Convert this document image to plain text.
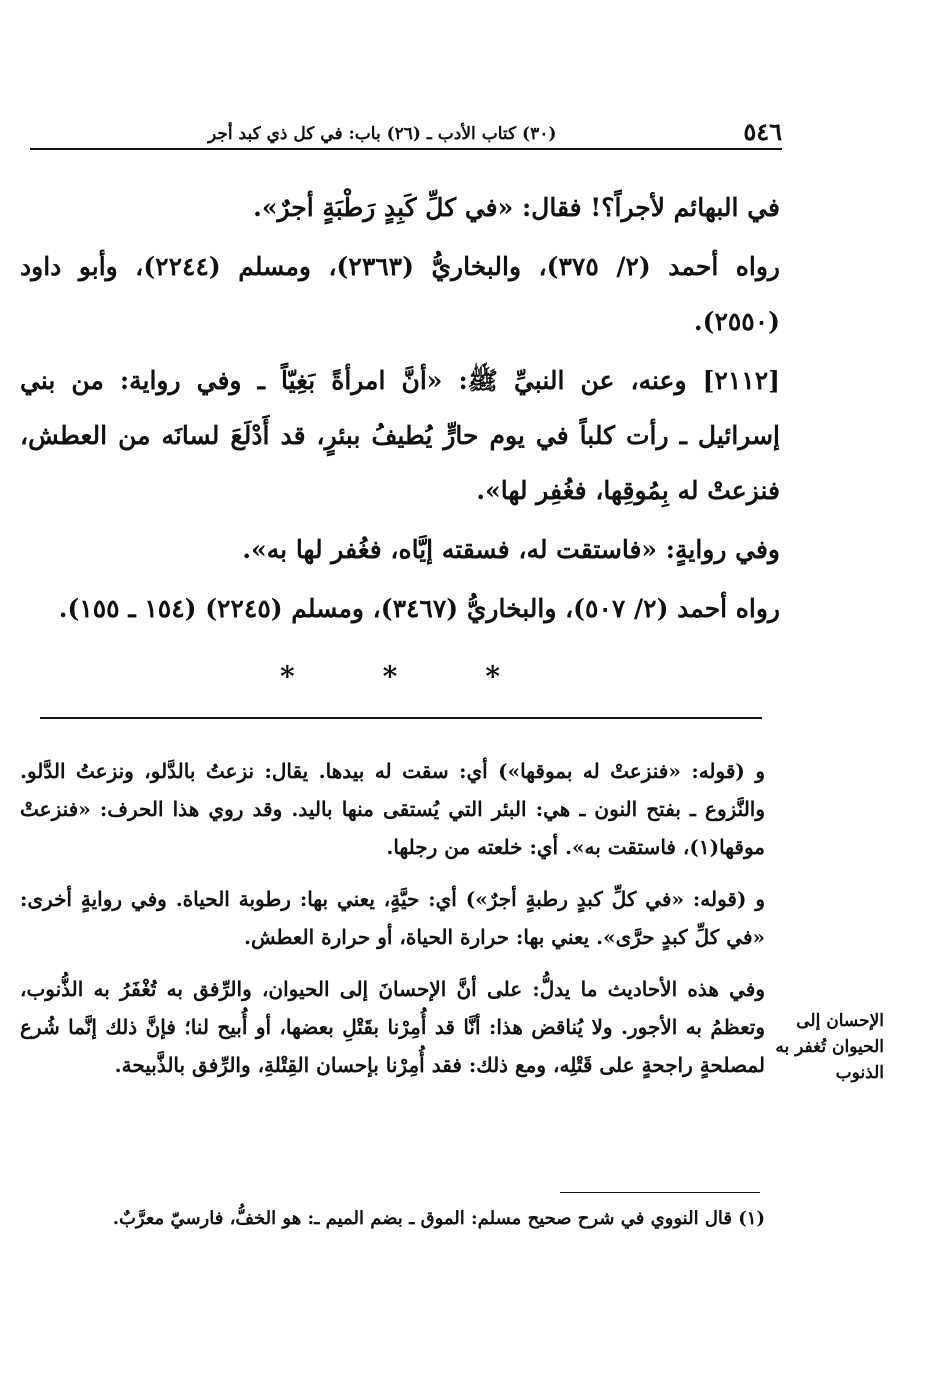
٥٤٦
(٣٠) كتاب الأدب ـ (٢٦) باب: في كل ذي كبد أجر

في البهائم لأجراً؟! فقال: «في كلِّ كَبِدٍ رَطْبَةٍ أجرٌ».

رواه أحمد (٢/ ٣٧٥)، والبخاريُّ (٢٣٦٣)، ومسلم (٢٢٤٤)، وأبو داود (٢٥٥٠).

[٢١١٢] وعنه، عن النبيِّ ﷺ: «أنَّ امرأةً بَغِيّاً ـ وفي رواية: من بني إسرائيل ـ رأت كلباً في يوم حارٍّ يُطيفُ ببئرٍ، قد أَدْلَعَ لسانَه من العطش، فنزعتْ له بِمُوقِها، فغُفِر لها».

وفي روايةٍ: «فاستقت له، فسقته إيَّاه، فغُفر لها به».

رواه أحمد (٢/ ٥٠٧)، والبخاريُّ (٣٤٦٧)، ومسلم (٢٢٤٥) (١٥٤ ـ ١٥٥).

*	*	*

و (قوله: «فنزعتْ له بموقها») أي: سقت له بيدها. يقال: نزعتُ بالدَّلو، ونزعتُ الدَّلو. والنَّزوع ـ بفتح النون ـ هي: البئر التي يُستقى منها باليد. وقد روي هذا الحرف: «فنزعتْ موقها(١)، فاستقت به». أي: خلعته من رجلها.

و (قوله: «في كلِّ كبدٍ رطبةٍ أجرٌ») أي: حيَّةٍ، يعني بها: رطوبة الحياة. وفي روايةٍ أخرى: «في كلِّ كبدٍ حرَّى». يعني بها: حرارة الحياة، أو حرارة العطش.

وفي هذه الأحاديث ما يدلُّ: على أنَّ الإحسانَ إلى الحيوان، والرِّفق به تُغْفَرُ به الذُّنوب، وتعظمُ به الأجور. ولا يُناقض هذا: أنَّا قد أُمِرْنا بقَتْلِ بعضها، أو أُبيح لنا؛ فإنَّ ذلك إنَّما شُرع لمصلحةٍ راجحةٍ على قَتْلِه، ومع ذلك: فقد أُمِرْنا بإحسان القِتْلةِ، والرِّفق بالذَّبيحة.

الإحسان إلى
الحيوان تُغفر به
الذنوب

(١) قال النووي في شرح صحيح مسلم: الموق ـ بضم الميم ـ: هو الخفُّ، فارسيّ معرَّبٌ.
